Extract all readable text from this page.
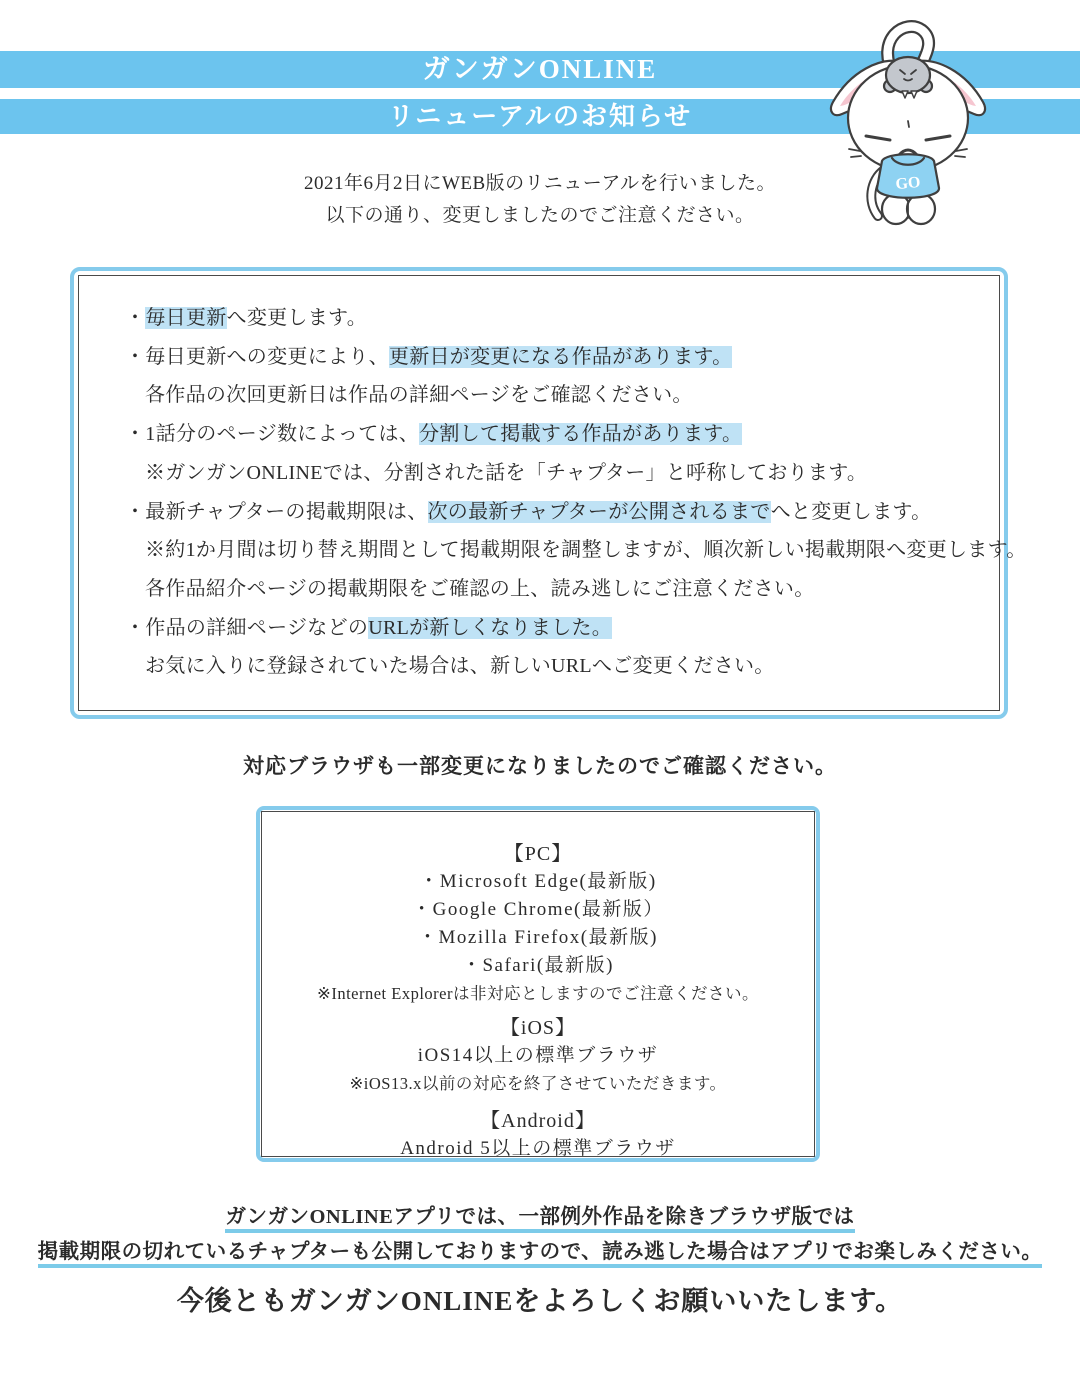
ガンガンONLINE
リニューアルのお知らせ
GO
2021年6月2日にWEB版のリニューアルを行いました。
以下の通り、変更しましたのでご注意ください。
・毎日更新へ変更します。
・毎日更新への変更により、更新日が変更になる作品があります。
各作品の次回更新日は作品の詳細ページをご確認ください。
・1話分のページ数によっては、分割して掲載する作品があります。
※ガンガンONLINEでは、分割された話を「チャプター」と呼称しております。
・最新チャプターの掲載期限は、次の最新チャプターが公開されるまでへと変更します。
※約1か月間は切り替え期間として掲載期限を調整しますが、順次新しい掲載期限へ変更します。
各作品紹介ページの掲載期限をご確認の上、読み逃しにご注意ください。
・作品の詳細ページなどのURLが新しくなりました。
お気に入りに登録されていた場合は、新しいURLへご変更ください。
対応ブラウザも一部変更になりましたのでご確認ください。
【PC】
・Microsoft Edge(最新版)
・Google Chrome(最新版）
・Mozilla Firefox(最新版)
・Safari(最新版)
※Internet Explorerは非対応としますのでご注意ください。
【iOS】
iOS14以上の標準ブラウザ
※iOS13.x以前の対応を終了させていただきます。
【Android】
Android 5以上の標準ブラウザ
ガンガンONLINEアプリでは、一部例外作品を除きブラウザ版では
掲載期限の切れているチャプターも公開しておりますので、読み逃した場合はアプリでお楽しみください。
今後ともガンガンONLINEをよろしくお願いいたします。
